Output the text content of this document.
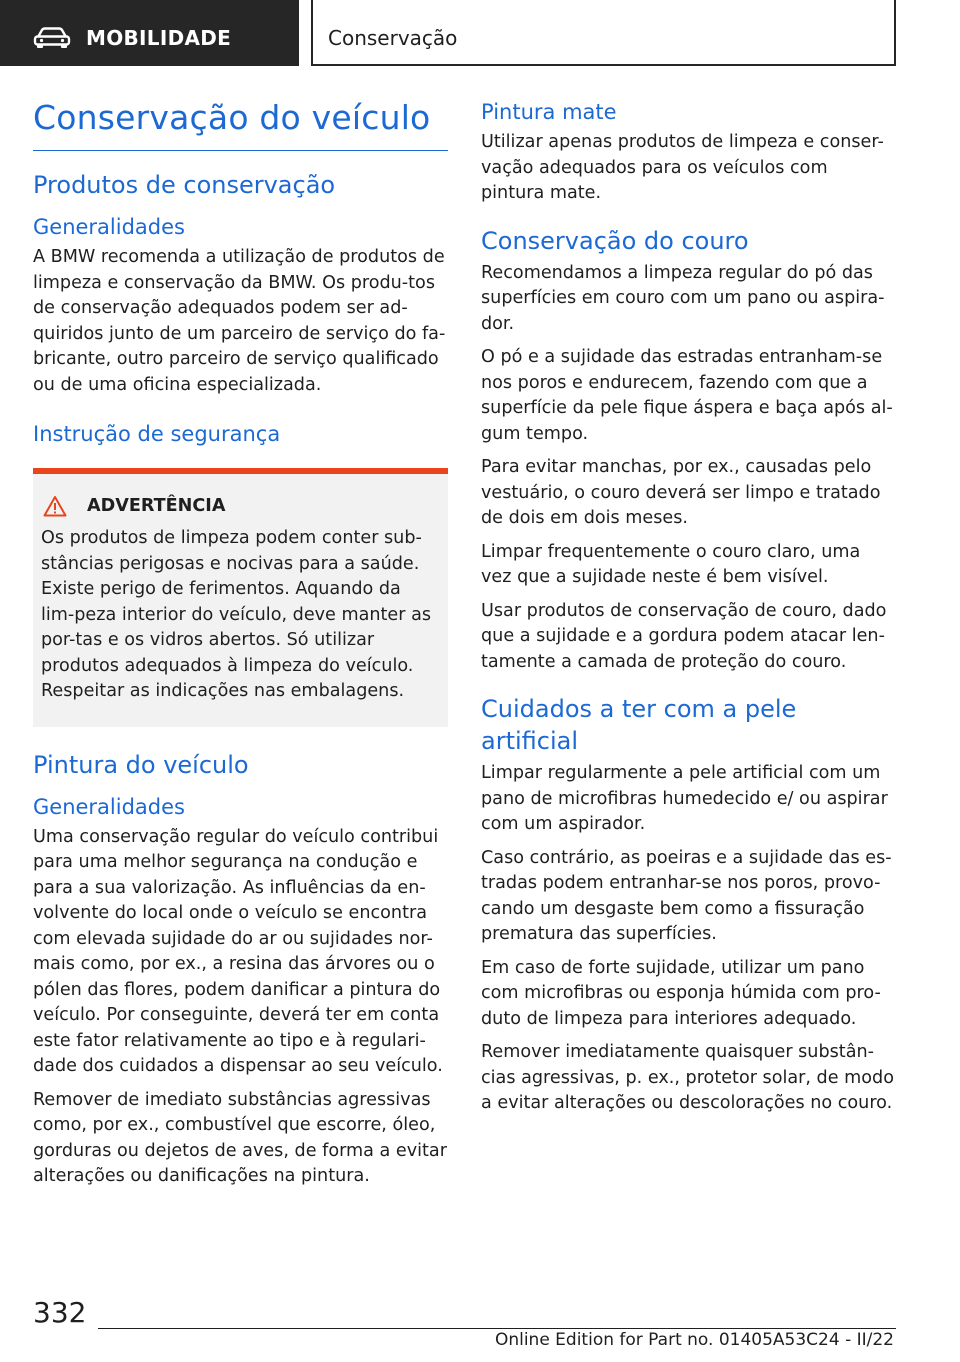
MOBILIDADE	Conservação
Conservação do veículo
Produtos de conservação
Generalidades

A BMW recomenda a utilização de produtos de limpeza e conservação da BMW. Os produ-tos de conservação adequados podem ser ad-quiridos junto de um parceiro de serviço do fa-bricante, outro parceiro de serviço qualificado ou de uma oficina especializada.

Instrução de segurança
ADVERTÊNCIA

Os produtos de limpeza podem conter sub-stâncias perigosas e nocivas para a saúde. Existe perigo de ferimentos. Aquando da lim-peza interior do veículo, deve manter as por-tas e os vidros abertos. Só utilizar produtos adequados à limpeza do veículo. Respeitar as indicações nas embalagens.

Pintura do veículo
Generalidades

Uma conservação regular do veículo contribui para uma melhor segurança na condução e para a sua valorização. As influências da en-volvente do local onde o veículo se encontra com elevada sujidade do ar ou sujidades nor-mais como, por ex., a resina das árvores ou o pólen das flores, podem danificar a pintura do veículo. Por conseguinte, deverá ter em conta este fator relativamente ao tipo e à regulari-dade dos cuidados a dispensar ao seu veículo.

Remover de imediato substâncias agressivas como, por ex., combustível que escorre, óleo, gorduras ou dejetos de aves, de forma a evitar alterações ou danificações na pintura.

Pintura mate

Utilizar apenas produtos de limpeza e conser-vação adequados para os veículos com pintura mate.

Conservação do couro

Recomendamos a limpeza regular do pó das superfícies em couro com um pano ou aspira-dor.

O pó e a sujidade das estradas entranham-se nos poros e endurecem, fazendo com que a superfície da pele fique áspera e baça após al-gum tempo.

Para evitar manchas, por ex., causadas pelo vestuário, o couro deverá ser limpo e tratado de dois em dois meses.

Limpar frequentemente o couro claro, uma vez que a sujidade neste é bem visível.

Usar produtos de conservação de couro, dado que a sujidade e a gordura podem atacar len-tamente a camada de proteção do couro.

Cuidados a ter com a pele artificial

Limpar regularmente a pele artificial com um pano de microfibras humedecido e/ ou aspirar com um aspirador.

Caso contrário, as poeiras e a sujidade das es-tradas podem entranhar-se nos poros, provo-cando um desgaste bem como a fissuração prematura das superfícies.

Em caso de forte sujidade, utilizar um pano com microfibras ou esponja húmida com pro-duto de limpeza para interiores adequado.

Remover imediatamente quaisquer substân-cias agressivas, p. ex., protetor solar, de modo a evitar alterações ou descolorações no couro.

332
Online Edition for Part no. 01405A53C24 - II/22
